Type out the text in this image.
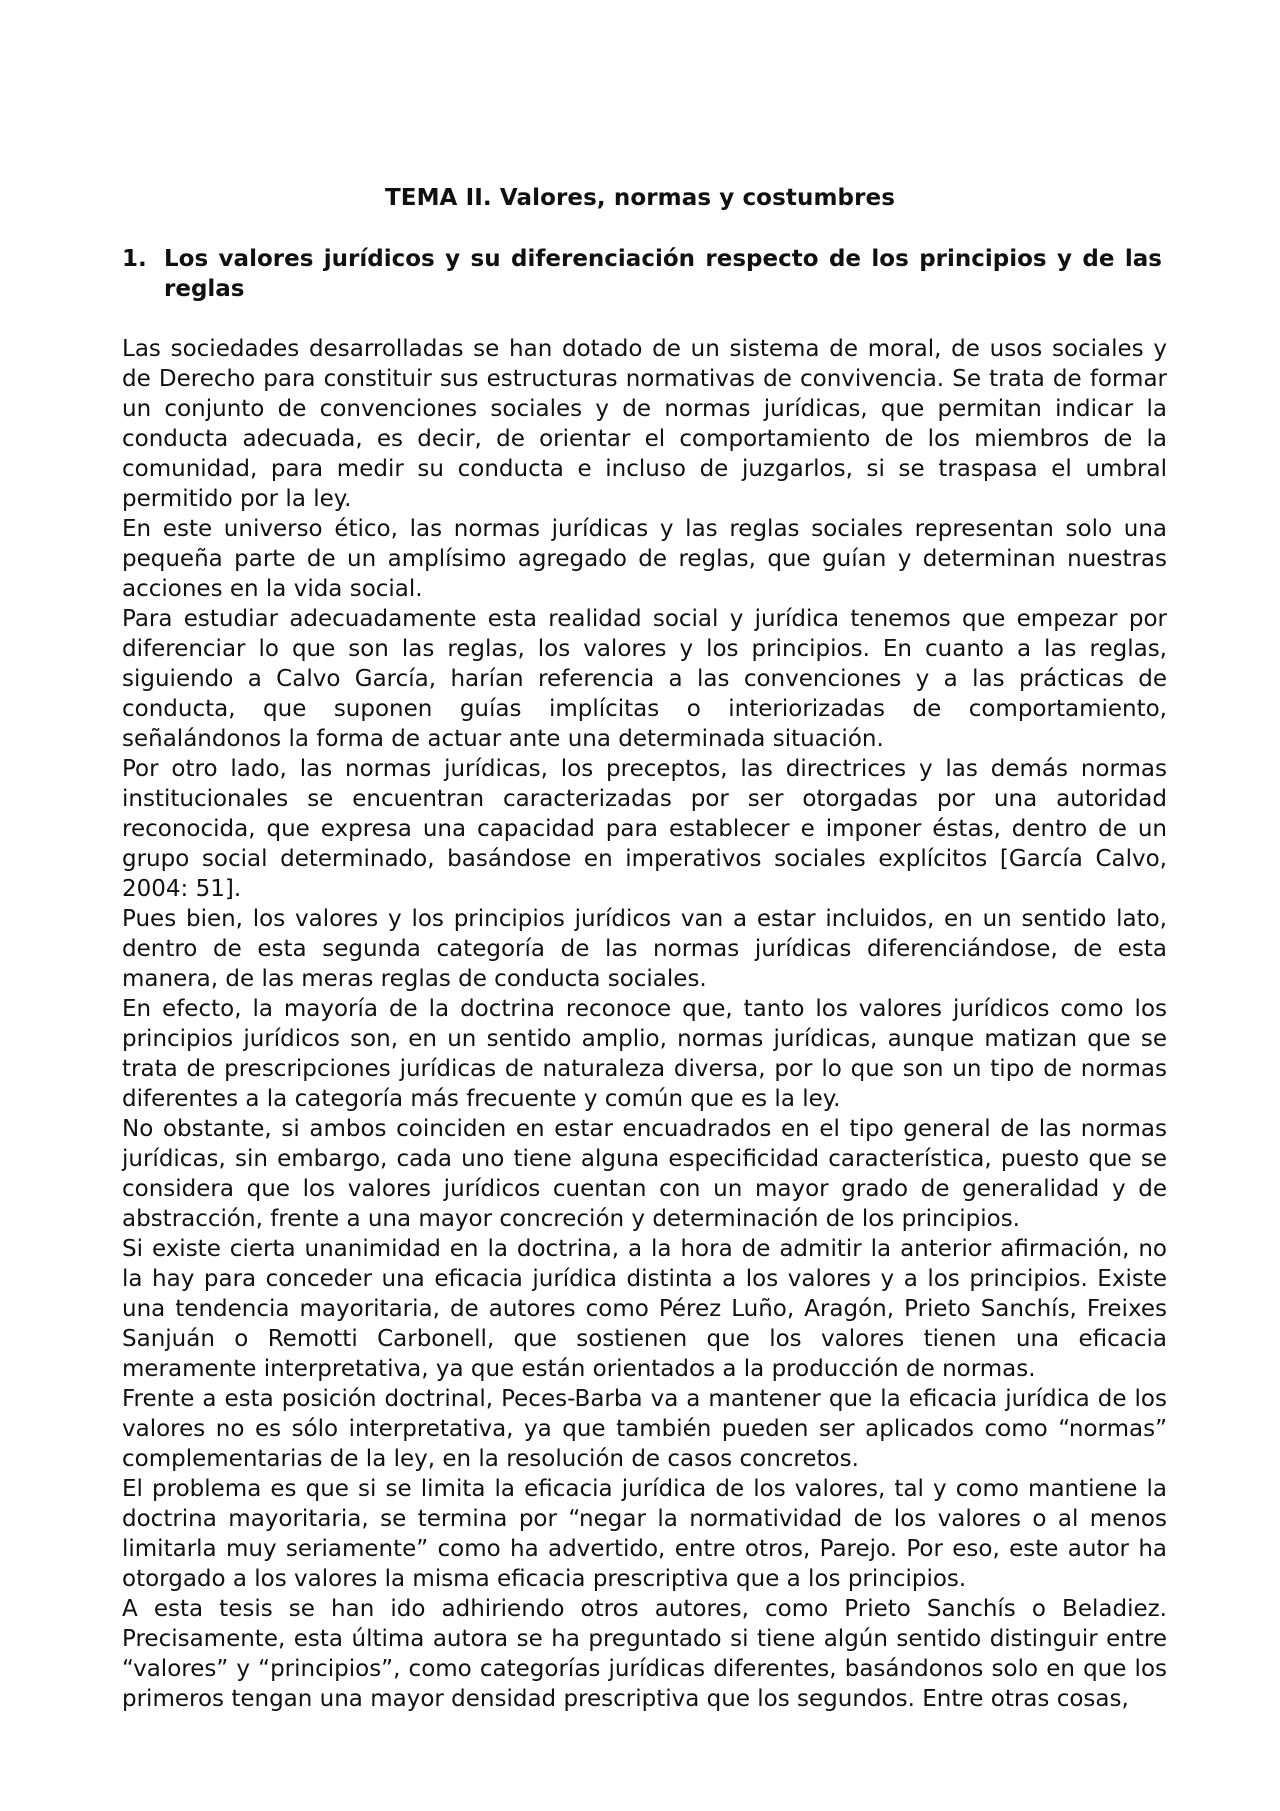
TEMA II. Valores, normas y costumbres
1. Los valores jurídicos y su diferenciación respecto de los principios y de las reglas

Las sociedades desarrolladas se han dotado de un sistema de moral, de usos sociales y de Derecho para constituir sus estructuras normativas de convivencia. Se trata de formar un conjunto de convenciones sociales y de normas jurídicas, que permitan indicar la conducta adecuada, es decir, de orientar el comportamiento de los miembros de la comunidad, para medir su conducta e incluso de juzgarlos, si se traspasa el umbral permitido por la ley.

En este universo ético, las normas jurídicas y las reglas sociales representan solo una pequeña parte de un amplísimo agregado de reglas, que guían y determinan nuestras acciones en la vida social.

Para estudiar adecuadamente esta realidad social y jurídica tenemos que empezar por diferenciar lo que son las reglas, los valores y los principios. En cuanto a las reglas, siguiendo a Calvo García, harían referencia a las convenciones y a las prácticas de conducta, que suponen guías implícitas o interiorizadas de comportamiento, señalándonos la forma de actuar ante una determinada situación.

Por otro lado, las normas jurídicas, los preceptos, las directrices y las demás normas institucionales se encuentran caracterizadas por ser otorgadas por una autoridad reconocida, que expresa una capacidad para establecer e imponer éstas, dentro de un grupo social determinado, basándose en imperativos sociales explícitos [García Calvo, 2004: 51].

Pues bien, los valores y los principios jurídicos van a estar incluidos, en un sentido lato, dentro de esta segunda categoría de las normas jurídicas diferenciándose, de esta manera, de las meras reglas de conducta sociales.

En efecto, la mayoría de la doctrina reconoce que, tanto los valores jurídicos como los principios jurídicos son, en un sentido amplio, normas jurídicas, aunque matizan que se trata de prescripciones jurídicas de naturaleza diversa, por lo que son un tipo de normas diferentes a la categoría más frecuente y común que es la ley.

No obstante, si ambos coinciden en estar encuadrados en el tipo general de las normas jurídicas, sin embargo, cada uno tiene alguna especificidad característica, puesto que se considera que los valores jurídicos cuentan con un mayor grado de generalidad y de abstracción, frente a una mayor concreción y determinación de los principios.

Si existe cierta unanimidad en la doctrina, a la hora de admitir la anterior afirmación, no la hay para conceder una eficacia jurídica distinta a los valores y a los principios. Existe una tendencia mayoritaria, de autores como Pérez Luño, Aragón, Prieto Sanchís, Freixes Sanjuán o Remotti Carbonell, que sostienen que los valores tienen una eficacia meramente interpretativa, ya que están orientados a la producción de normas.

Frente a esta posición doctrinal, Peces-Barba va a mantener que la eficacia jurídica de los valores no es sólo interpretativa, ya que también pueden ser aplicados como “normas” complementarias de la ley, en la resolución de casos concretos.

El problema es que si se limita la eficacia jurídica de los valores, tal y como mantiene la doctrina mayoritaria, se termina por “negar la normatividad de los valores o al menos limitarla muy seriamente” como ha advertido, entre otros, Parejo. Por eso, este autor ha otorgado a los valores la misma eficacia prescriptiva que a los principios.

A esta tesis se han ido adhiriendo otros autores, como Prieto Sanchís o Beladiez. Precisamente, esta última autora se ha preguntado si tiene algún sentido distinguir entre “valores” y “principios”, como categorías jurídicas diferentes, basándonos solo en que los primeros tengan una mayor densidad prescriptiva que los segundos. Entre otras cosas,
